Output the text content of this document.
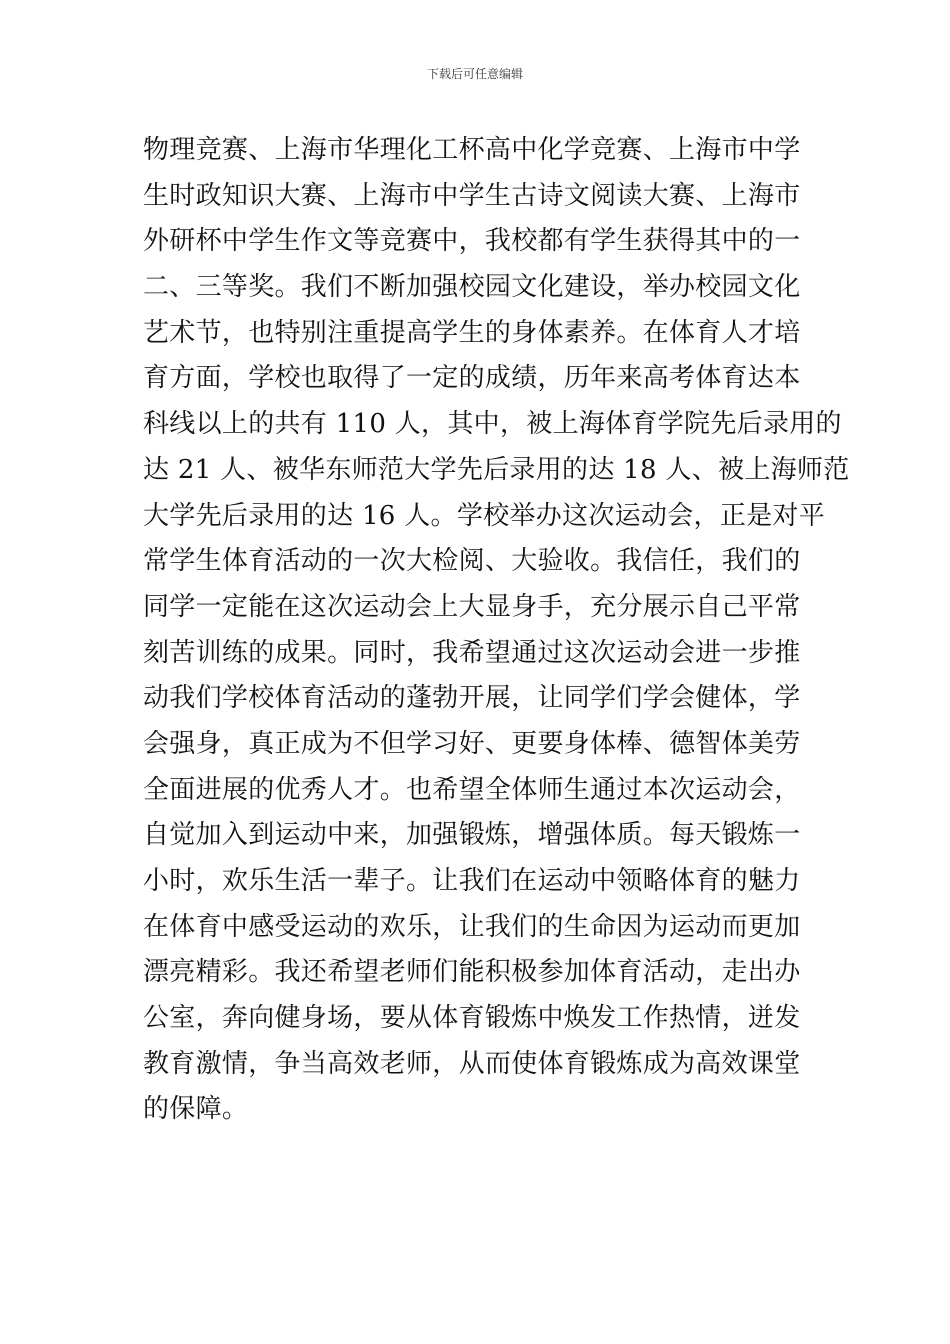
下载后可任意编辑
物理竞赛、上海市华理化工杯高中化学竞赛、上海市中学
生时政知识大赛、上海市中学生古诗文阅读大赛、上海市
外研杯中学生作文等竞赛中，我校都有学生获得其中的一
二、三等奖。我们不断加强校园文化建设，举办校园文化
艺术节，也特别注重提高学生的身体素养。在体育人才培
育方面，学校也取得了一定的成绩，历年来高考体育达本
科线以上的共有 110 人，其中，被上海体育学院先后录用的
达 21 人、被华东师范大学先后录用的达 18 人、被上海师范
大学先后录用的达 16 人。学校举办这次运动会，正是对平
常学生体育活动的一次大检阅、大验收。我信任，我们的
同学一定能在这次运动会上大显身手，充分展示自己平常
刻苦训练的成果。同时，我希望通过这次运动会进一步推
动我们学校体育活动的蓬勃开展，让同学们学会健体，学
会强身，真正成为不但学习好、更要身体棒、德智体美劳
全面进展的优秀人才。也希望全体师生通过本次运动会，
自觉加入到运动中来，加强锻炼，增强体质。每天锻炼一
小时，欢乐生活一辈子。让我们在运动中领略体育的魅力
在体育中感受运动的欢乐，让我们的生命因为运动而更加
漂亮精彩。我还希望老师们能积极参加体育活动，走出办
公室，奔向健身场，要从体育锻炼中焕发工作热情，迸发
教育激情，争当高效老师，从而使体育锻炼成为高效课堂
的保障。
